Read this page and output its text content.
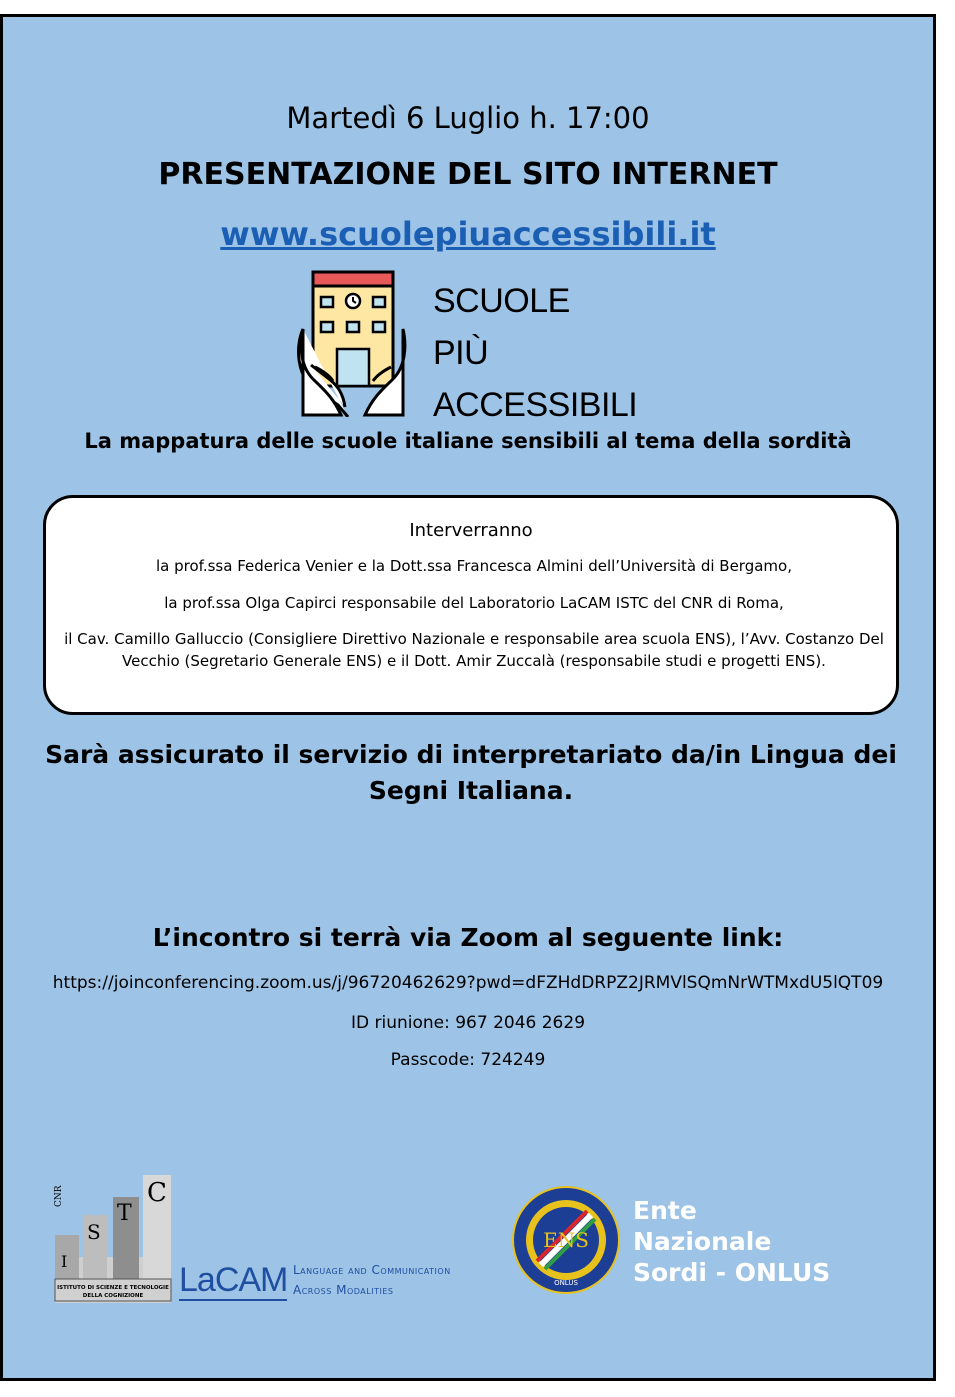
Martedì 6 Luglio h. 17:00
PRESENTAZIONE DEL SITO INTERNET
www.scuolepiuaccessibili.it
SCUOLE
PIÙ
ACCESSIBILI
La mappatura delle scuole italiane sensibili al tema della sordità
Interverranno
la prof.ssa Federica Venier e la Dott.ssa Francesca Almini dell’Università di Bergamo,
la prof.ssa Olga Capirci responsabile del Laboratorio LaCAM ISTC del CNR di Roma,
il Cav. Camillo Galluccio (Consigliere Direttivo Nazionale e responsabile area scuola ENS), l’Avv. Costanzo Del Vecchio (Segretario Generale ENS) e il Dott. Amir Zuccalà (responsabile studi e progetti ENS).
Sarà assicurato il servizio di interpretariato da/in Lingua dei Segni Italiana.
L’incontro si terrà via Zoom al seguente link:
https://joinconferencing.zoom.us/j/96720462629?pwd=dFZHdDRPZ2JRMVlSQmNrWTMxdU5lQT09
ID riunione: 967 2046 2629
Passcode: 724249
I
S
T
C
CNR
ISTITUTO DI SCIENZE E TECNOLOGIE
DELLA COGNIZIONE LaCAM Language and Communication
Across Modalities
ENS
ONLUS
Ente
Nazionale
Sordi - ONLUS
